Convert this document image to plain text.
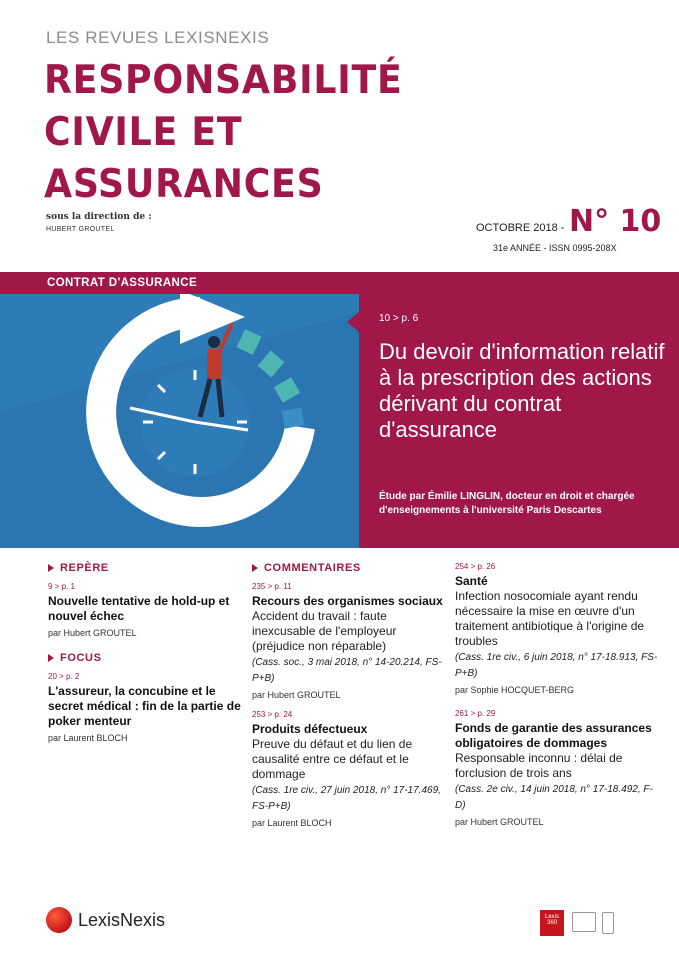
LES REVUES LEXISNEXIS
RESPONSABILITÉ
CIVILE ET
ASSURANCES
sous la direction de :
HUBERT GROUTEL	OCTOBRE 2018 - N° 10
31e ANNÉE - ISSN 0995-208X
CONTRAT D'ASSURANCE
10 > p. 6
Du devoir d'information relatif à la prescription des actions dérivant du contrat d'assurance
Étude par Émilie LINGLIN, docteur en droit et chargée d'enseignements à l'université Paris Descartes
REPÈRE
9 > p. 1
Nouvelle tentative de hold-up et nouvel échec
par Hubert GROUTEL
FOCUS
20 > p. 2
L'assureur, la concubine et le secret médical : fin de la partie de poker menteur
par Laurent BLOCH
COMMENTAIRES
235 > p. 11
Recours des organismes sociaux
Accident du travail : faute inexcusable de l'employeur (préjudice non réparable)
(Cass. soc., 3 mai 2018, n° 14-20.214, FS-P+B)
par Hubert GROUTEL
253 > p. 24
Produits défectueux
Preuve du défaut et du lien de causalité entre ce défaut et le dommage
(Cass. 1re civ., 27 juin 2018, n° 17-17.469, FS-P+B)
par Laurent BLOCH
254 > p. 26
Santé
Infection nosocomiale ayant rendu nécessaire la mise en œuvre d'un traitement antibiotique à l'origine de troubles
(Cass. 1re civ., 6 juin 2018, n° 17-18.913, FS-P+B)
par Sophie HOCQUET-BERG
261 > p. 29
Fonds de garantie des assurances obligatoires de dommages
Responsable inconnu : délai de forclusion de trois ans
(Cass. 2e civ., 14 juin 2018, n° 17-18.492, F-D)
par Hubert GROUTEL
LexisNexis	Lexis 360
